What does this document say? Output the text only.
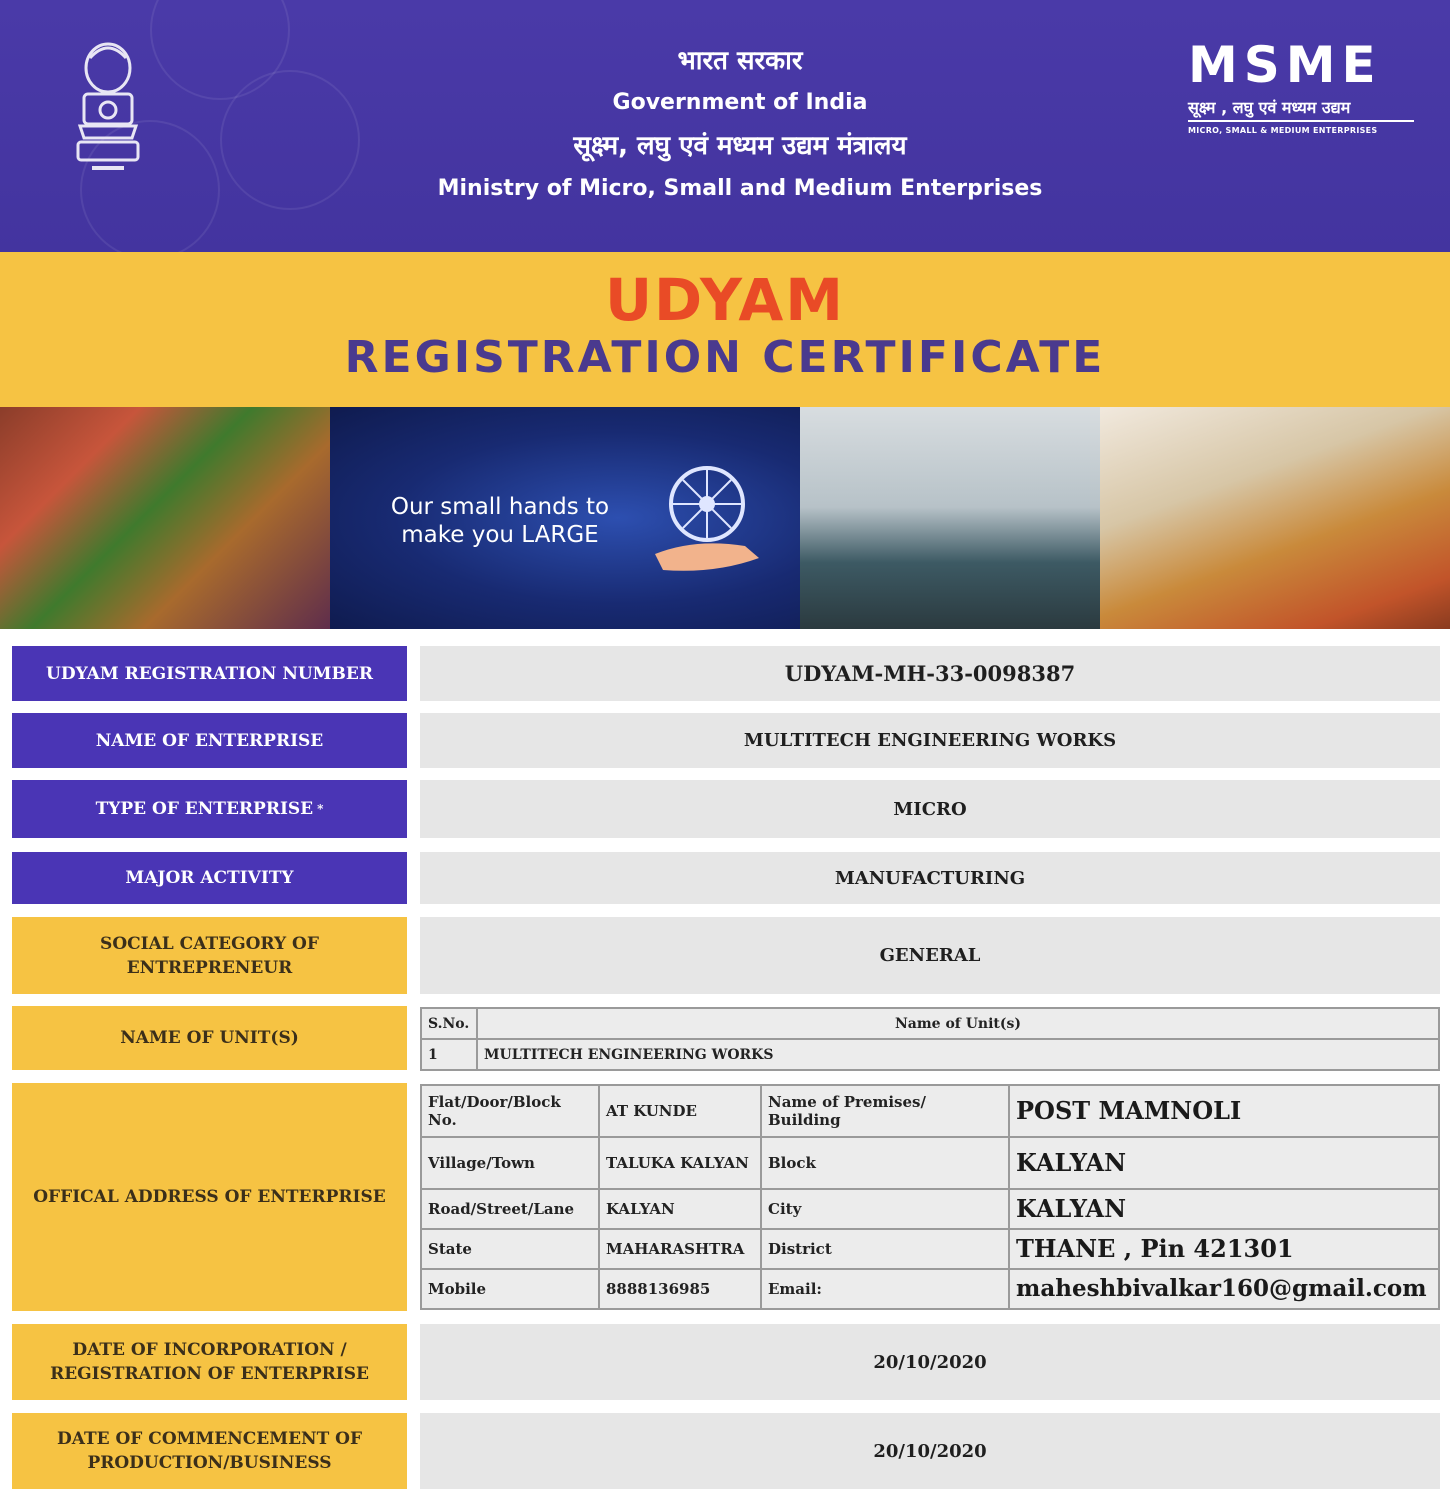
भारत सरकार
Government of India
सूक्ष्म, लघु एवं मध्यम उद्यम मंत्रालय
Ministry of Micro, Small and Medium Enterprises
MSME
सूक्ष्म , लघु एवं मध्यम उद्यम
MICRO, SMALL & MEDIUM ENTERPRISES
UDYAM
REGISTRATION CERTIFICATE
Our small hands to
make you LARGE
UDYAM REGISTRATION NUMBER	UDYAM-MH-33-0098387
NAME OF ENTERPRISE	MULTITECH ENGINEERING WORKS
TYPE OF ENTERPRISE *	MICRO
MAJOR ACTIVITY	MANUFACTURING
SOCIAL CATEGORY OF ENTREPRENEUR
GENERAL
NAME OF UNIT(S)
S.No.	Name of Unit(s)
1	MULTITECH ENGINEERING WORKS
OFFICAL ADDRESS OF ENTERPRISE
Flat/Door/Block No.	AT KUNDE	Name of Premises/ Building	POST MAMNOLI
Village/Town	TALUKA KALYAN	Block	KALYAN
Road/Street/Lane	KALYAN	City	KALYAN
State	MAHARASHTRA	District	THANE , Pin 421301
Mobile	8888136985	Email:	maheshbivalkar160@gmail.com
DATE OF INCORPORATION / REGISTRATION OF ENTERPRISE
20/10/2020
DATE OF COMMENCEMENT OF PRODUCTION/BUSINESS
20/10/2020
